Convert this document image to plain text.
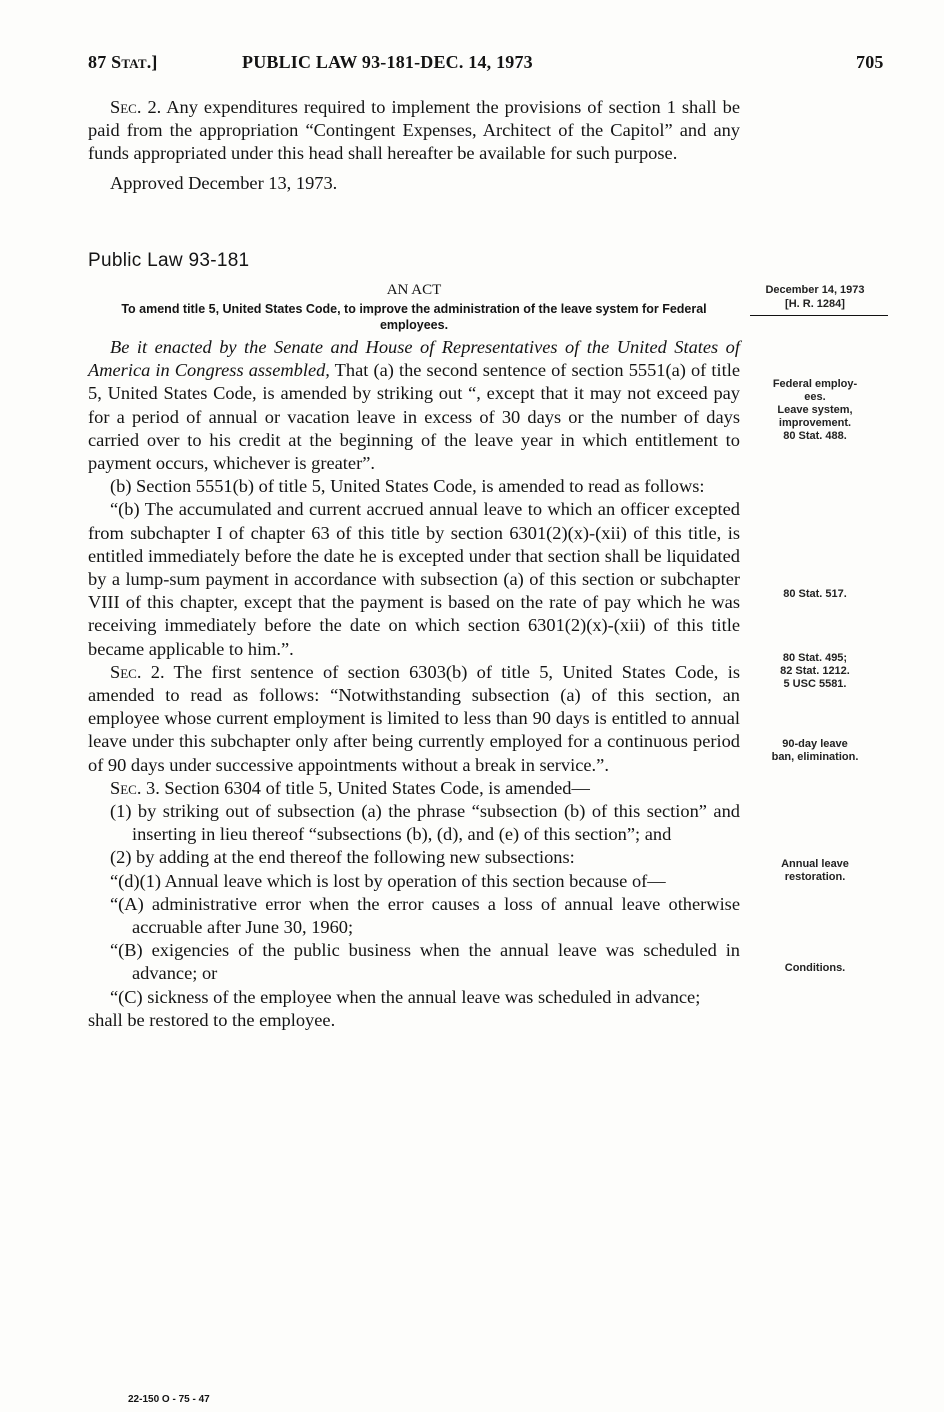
87 Stat.]	PUBLIC LAW 93-181-DEC. 14, 1973	705

Sec. 2. Any expenditures required to implement the provisions of section 1 shall be paid from the appropriation “Contingent Expenses, Architect of the Capitol” and any funds appropriated under this head shall hereafter be available for such purpose.

Approved December 13, 1973.

Public Law 93-181
AN ACT
To amend title 5, United States Code, to improve the administration of the leave system for Federal employees.
December 14, 1973
[H. R. 1284]
Federal employ-
ees.
Leave system,
improvement.
80 Stat. 488.
80 Stat. 517.
80 Stat. 495;
82 Stat. 1212.
5 USC 5581.
90-day leave
ban, elimination.
Annual leave
restoration.
Conditions.

Be it enacted by the Senate and House of Representatives of the United States of America in Congress assembled, That (a) the second sentence of section 5551(a) of title 5, United States Code, is amended by striking out “, except that it may not exceed pay for a period of annual or vacation leave in excess of 30 days or the number of days carried over to his credit at the beginning of the leave year in which entitlement to payment occurs, whichever is greater”.

(b) Section 5551(b) of title 5, United States Code, is amended to read as follows:

“(b) The accumulated and current accrued annual leave to which an officer excepted from subchapter I of chapter 63 of this title by section 6301(2)(x)-(xii) of this title, is entitled immediately before the date he is excepted under that section shall be liquidated by a lump-sum payment in accordance with subsection (a) of this section or subchapter VIII of this chapter, except that the payment is based on the rate of pay which he was receiving immediately before the date on which section 6301(2)(x)-(xii) of this title became applicable to him.”.

Sec. 2. The first sentence of section 6303(b) of title 5, United States Code, is amended to read as follows: “Notwithstanding subsection (a) of this section, an employee whose current employment is limited to less than 90 days is entitled to annual leave under this subchapter only after being currently employed for a continuous period of 90 days under successive appointments without a break in service.”.

Sec. 3. Section 6304 of title 5, United States Code, is amended—

(1) by striking out of subsection (a) the phrase “subsection (b) of this section” and inserting in lieu thereof “subsections (b), (d), and (e) of this section”; and

(2) by adding at the end thereof the following new subsections:

“(d)(1) Annual leave which is lost by operation of this section because of—

“(A) administrative error when the error causes a loss of annual leave otherwise accruable after June 30, 1960;

“(B) exigencies of the public business when the annual leave was scheduled in advance; or

“(C) sickness of the employee when the annual leave was scheduled in advance;

shall be restored to the employee.

22-150 O - 75 - 47
